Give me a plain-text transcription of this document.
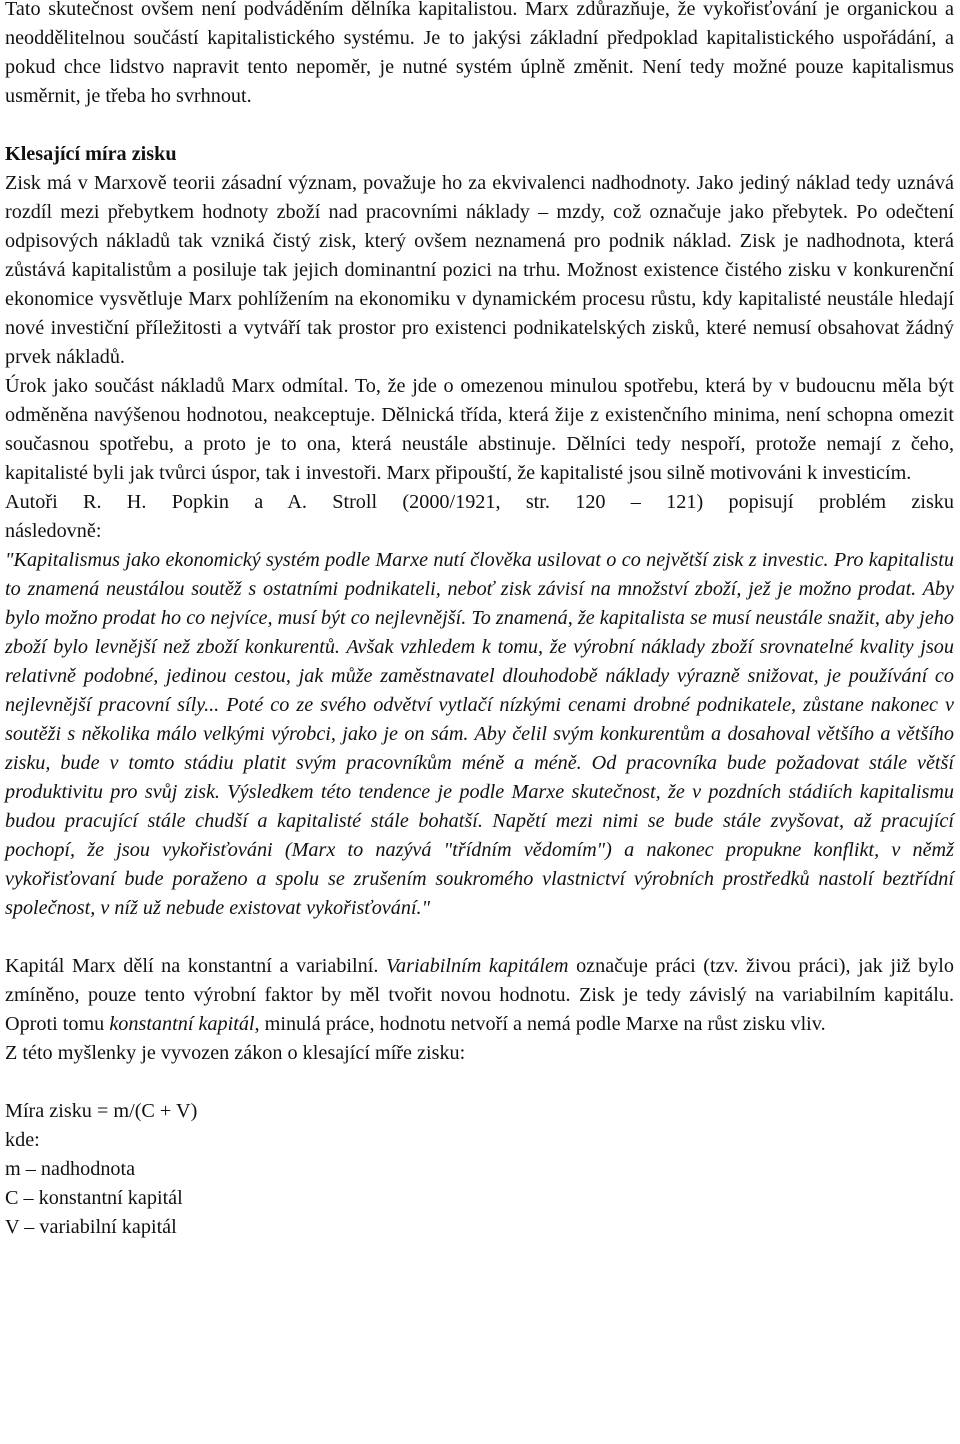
Tato skutečnost ovšem není podváděním dělníka kapitalistou. Marx zdůrazňuje, že vykořisťování je organickou a neoddělitelnou součástí kapitalistického systému. Je to jakýsi základní předpoklad kapitalistického uspořádání, a pokud chce lidstvo napravit tento nepoměr, je nutné systém úplně změnit. Není tedy možné pouze kapitalismus usměrnit, je třeba ho svrhnout.

Klesající míra zisku

Zisk má v Marxově teorii zásadní význam, považuje ho za ekvivalenci nadhodnoty. Jako jediný náklad tedy uznává rozdíl mezi přebytkem hodnoty zboží nad pracovními náklady – mzdy, což označuje jako přebytek. Po odečtení odpisových nákladů tak vzniká čistý zisk, který ovšem neznamená pro podnik náklad. Zisk je nadhodnota, která zůstává kapitalistům a posiluje tak jejich dominantní pozici na trhu. Možnost existence čistého zisku v konkurenční ekonomice vysvětluje Marx pohlížením na ekonomiku v dynamickém procesu růstu, kdy kapitalisté neustále hledají nové investiční příležitosti a vytváří tak prostor pro existenci podnikatelských zisků, které nemusí obsahovat žádný prvek nákladů.

Úrok jako součást nákladů Marx odmítal. To, že jde o omezenou minulou spotřebu, která by v budoucnu měla být odměněna navýšenou hodnotou, neakceptuje. Dělnická třída, která žije z existenčního minima, není schopna omezit současnou spotřebu, a proto je to ona, která neustále abstinuje. Dělníci tedy nespoří, protože nemají z čeho, kapitalisté byli jak tvůrci úspor, tak i investoři. Marx připouští, že kapitalisté jsou silně motivováni k investicím.

Autoři R. H. Popkin a A. Stroll (2000/1921, str. 120 – 121) popisují problém zisku

následovně:

"Kapitalismus jako ekonomický systém podle Marxe nutí člověka usilovat o co největší zisk z investic. Pro kapitalistu to znamená neustálou soutěž s ostatními podnikateli, neboť zisk závisí na množství zboží, jež je možno prodat. Aby bylo možno prodat ho co nejvíce, musí být co nejlevnější. To znamená, že kapitalista se musí neustále snažit, aby jeho zboží bylo levnější než zboží konkurentů. Avšak vzhledem k tomu, že výrobní náklady zboží srovnatelné kvality jsou relativně podobné, jedinou cestou, jak může zaměstnavatel dlouhodobě náklady výrazně snižovat, je používání co nejlevnější pracovní síly... Poté co ze svého odvětví vytlačí nízkými cenami drobné podnikatele, zůstane nakonec v soutěži s několika málo velkými výrobci, jako je on sám. Aby čelil svým konkurentům a dosahoval většího a většího zisku, bude v tomto stádiu platit svým pracovníkům méně a méně. Od pracovníka bude požadovat stále větší produktivitu pro svůj zisk. Výsledkem této tendence je podle Marxe skutečnost, že v pozdních stádiích kapitalismu budou pracující stále chudší a kapitalisté stále bohatší. Napětí mezi nimi se bude stále zvyšovat, až pracující pochopí, že jsou vykořisťováni (Marx to nazývá "třídním vědomím") a nakonec propukne konflikt, v němž vykořisťovaní bude poraženo a spolu se zrušením soukromého vlastnictví výrobních prostředků nastolí beztřídní společnost, v níž už nebude existovat vykořisťování."

Kapitál Marx dělí na konstantní a variabilní. Variabilním kapitálem označuje práci (tzv. živou práci), jak již bylo zmíněno, pouze tento výrobní faktor by měl tvořit novou hodnotu. Zisk je tedy závislý na variabilním kapitálu. Oproti tomu konstantní kapitál, minulá práce, hodnotu netvoří a nemá podle Marxe na růst zisku vliv.

Z této myšlenky je vyvozen zákon o klesající míře zisku:

Míra zisku = m/(C + V)

kde:

m – nadhodnota

C – konstantní kapitál

V – variabilní kapitál
